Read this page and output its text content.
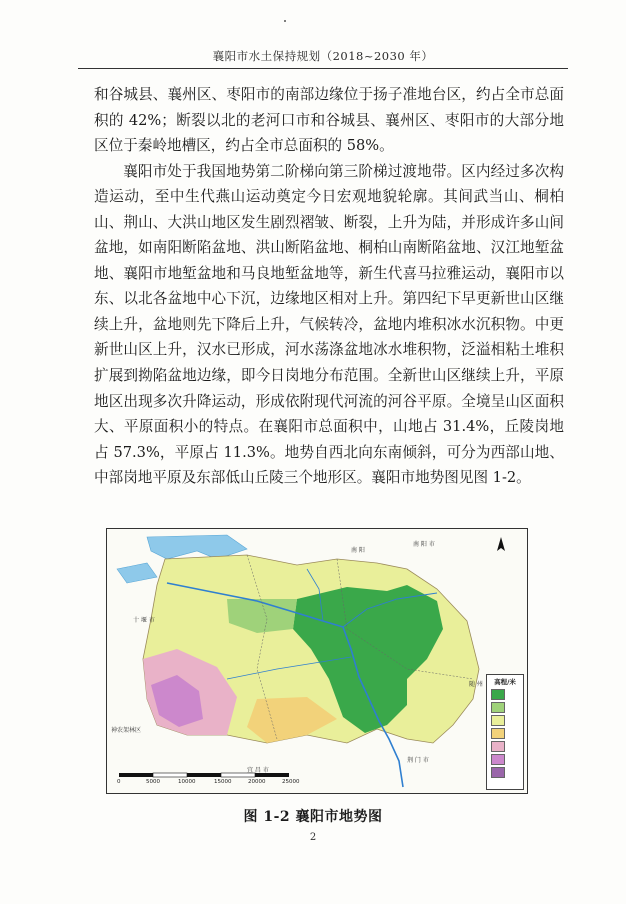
襄阳市水土保持规划（2018~2030 年）

和谷城县、襄州区、枣阳市的南部边缘位于扬子准地台区，约占全市总面积的 42%；断裂以北的老河口市和谷城县、襄州区、枣阳市的大部分地区位于秦岭地槽区，约占全市总面积的 58%。

襄阳市处于我国地势第二阶梯向第三阶梯过渡地带。区内经过多次构造运动，至中生代燕山运动奠定今日宏观地貌轮廓。其间武当山、桐柏山、荆山、大洪山地区发生剧烈褶皱、断裂，上升为陆，并形成许多山间盆地，如南阳断陷盆地、洪山断陷盆地、桐柏山南断陷盆地、汉江地堑盆地、襄阳市地堑盆地和马良地堑盆地等，新生代喜马拉雅运动，襄阳市以东、以北各盆地中心下沉，边缘地区相对上升。第四纪下早更新世山区继续上升，盆地则先下降后上升，气候转冷，盆地内堆积冰水沉积物。中更新世山区上升，汉水已形成，河水荡涤盆地冰水堆积物，泛溢相粘土堆积扩展到拗陷盆地边缘，即今日岗地分布范围。全新世山区继续上升，平原地区出现多次升降运动，形成依附现代河流的河谷平原。全境呈山区面积大、平原面积小的特点。在襄阳市总面积中，山地占 31.4%，丘陵岗地占 57.3%，平原占 11.3%。地势自西北向东南倾斜，可分为西部山地、中部岗地平原及东部低山丘陵三个地形区。襄阳市地势图见图 1-2。

南 阳 市
随 州
宜 昌 市
荆 门 市
神农架林区
十 堰 市
南 阳
0	5000	10000	15000	20000	25000
高程/米
图 1-2 襄阳市地势图
2
